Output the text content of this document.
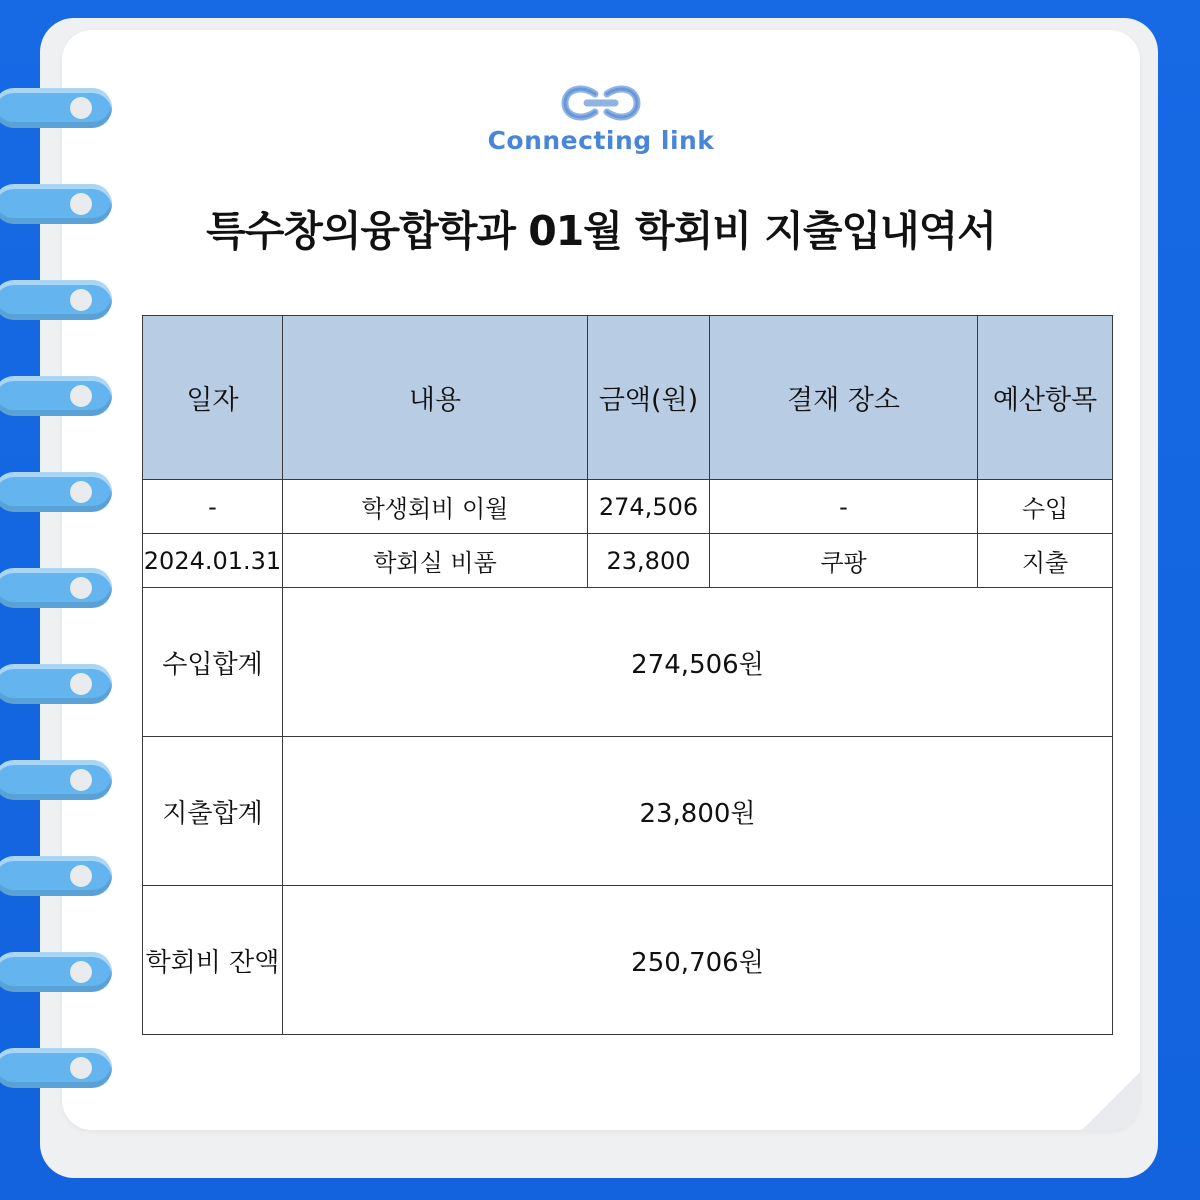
Connecting link
특수창의융합학과 01월 학회비 지출입내역서
일자	내용	금액(원)	결재 장소	예산항목
-	학생회비 이월	274,506	-	수입
2024.01.31	학회실 비품	23,800	쿠팡	지출
수입합계	274,506원			
지출합계	23,800원			
학회비 잔액	250,706원			
